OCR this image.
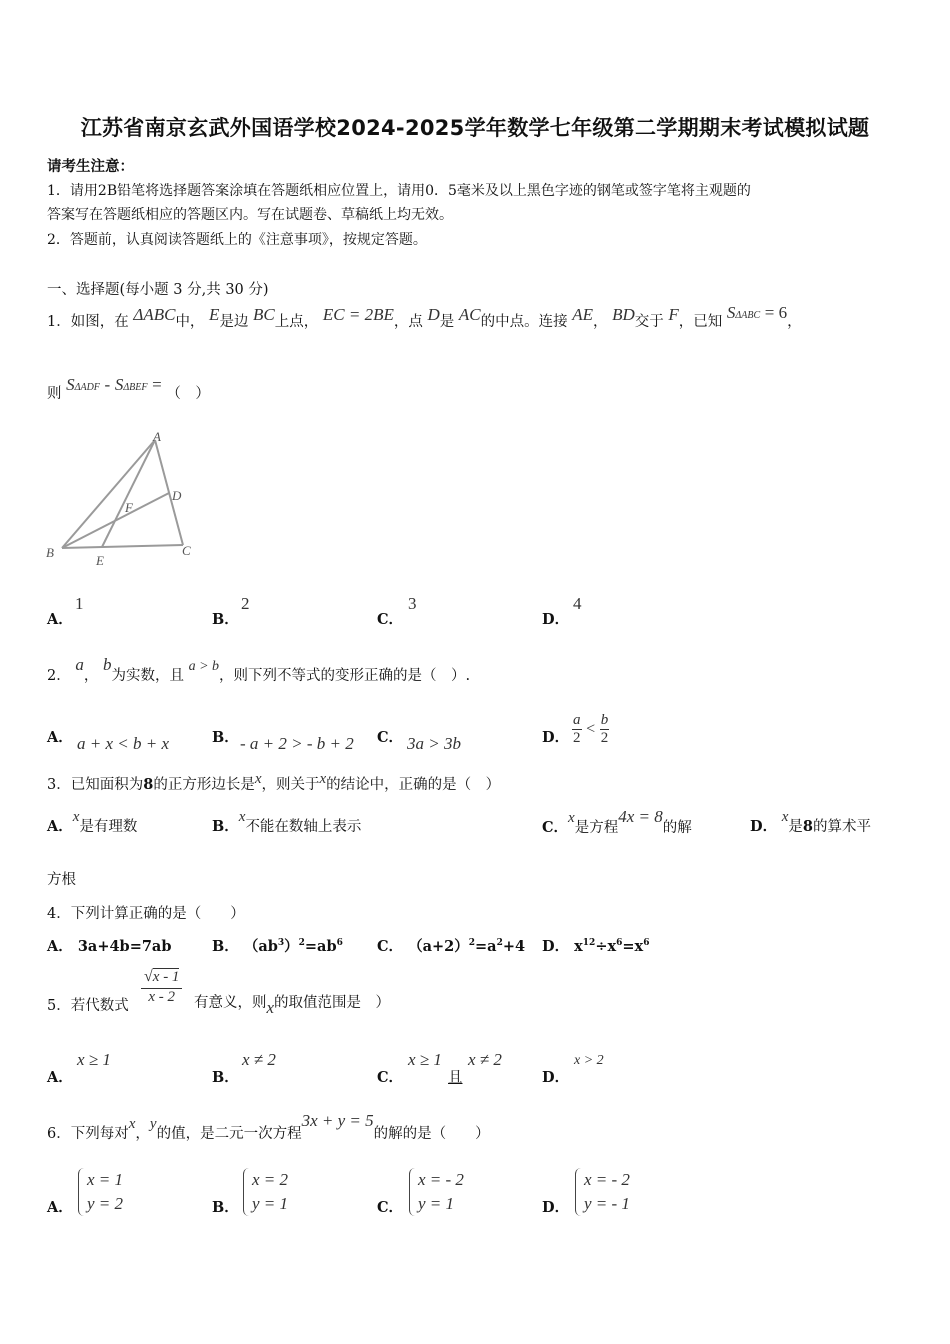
江苏省南京玄武外国语学校2024-2025学年数学七年级第二学期期末考试模拟试题
请考生注意：
1．请用2B铅笔将选择题答案涂填在答题纸相应位置上，请用0．5毫米及以上黑色字迹的钢笔或签字笔将主观题的
答案写在答题纸相应的答题区内。写在试题卷、草稿纸上均无效。
2．答题前，认真阅读答题纸上的《注意事项》，按规定答题。
一、选择题(每小题 3 分,共 30 分)
1．如图，在 ΔABC中， E是边 BC上点， EC = 2BE，点 D是 AC的中点。连接 AE， BD交于 F，已知 SΔABC = 6，
则 SΔADF - SΔBEF = （　）
A
B	C
D
E
F
A．
1
B．
2
C．
3
D．
4
2． a， b为实数，且 a > b，则下列不等式的变形正确的是（　）.
A． a + x < b + x	B． - a + 2 > - b + 2 C． 3a > 3b	D． $\frac{a}{2} < \frac{b}{2}$
3．已知面积为8的正方形边长是x，则关于x的结论中，正确的是（　）
A．x是有理数	B．x不能在数轴上表示	C．x是方程4x = 8的解	D． x是8的算术平
方根
4．下列计算正确的是（　　）
A． 3a+4b=7ab	B． $(ab^3)^2=ab^6$ C． $(a+2)^2=a^2+4$ D． $x^{12}\div x^6=x^6$
5．若代数式 $\frac{√x - 1}{x - 2}$ 有意义，则x的取值范围是　）
A．
x ≥ 1
B．
x ≠ 2
C．
x ≥ 1
且
x ≠ 2
D．
x > 2
6．下列每对x，y的值，是二元一次方程3x + y = 5的解的是（　　）
A．
x = 1
y = 2	B．
x = 2
y = 1	C．
x = - 2
y = 1	D．
x = - 2
y = - 1
